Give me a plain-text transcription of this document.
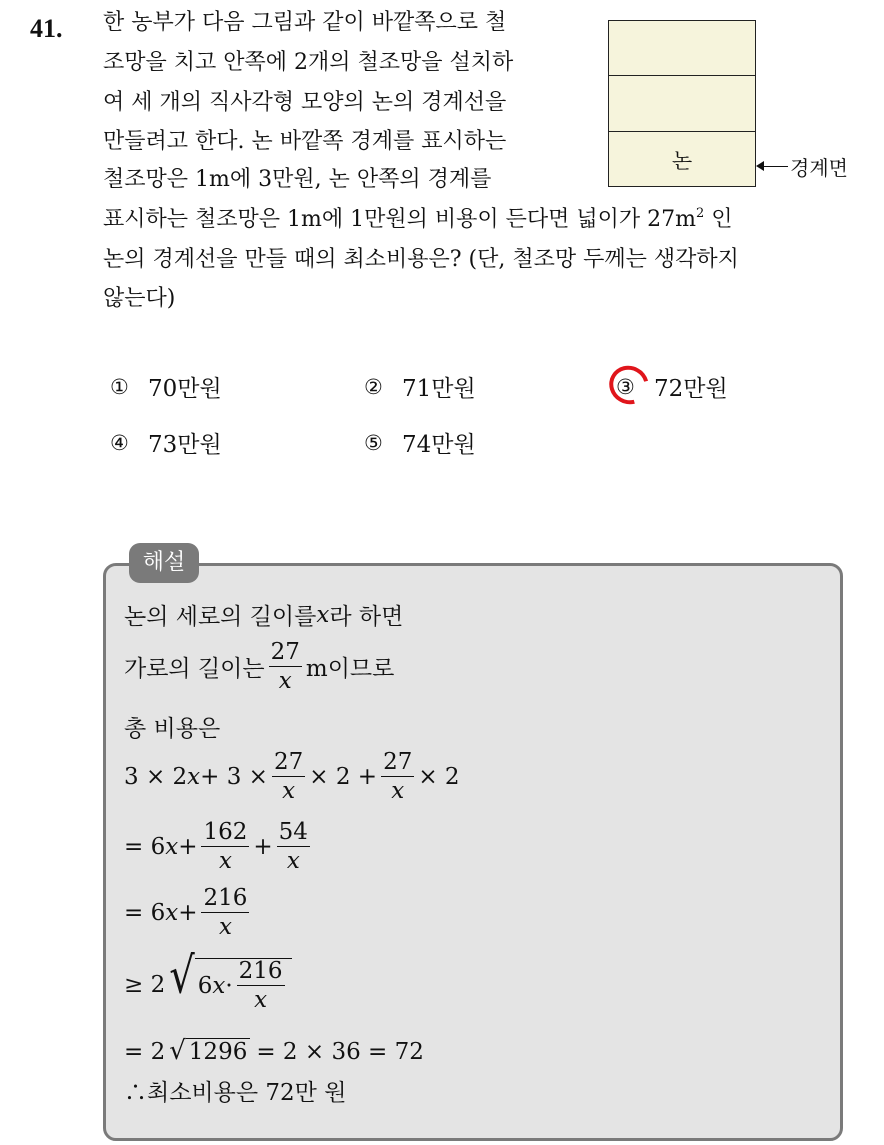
41. 한 농부가 다음 그림과 같이 바깥쪽으로 철
조망을 치고 안쪽에 2개의 철조망을 설치하
여 세 개의 직사각형 모양의 논의 경계선을
만들려고 한다. 논 바깥쪽 경계를 표시하는
철조망은 1m에 3만원, 논 안쪽의 경계를
표시하는 철조망은 1m에 1만원의 비용이 든다면 넓이가 $27m^2$ 인
논의 경계선을 만들 때의 최소비용은? (단, 철조망 두께는 생각하지
않는다)
논	경계면
① 70만원	② 71만원	③ 72만원
④ 73만원	⑤ 74만원
해설
논의 세로의 길이를 x 라 하면
가로의 길이는 $\frac{27}{x}$ m이므로
총 비용은
3 × 2 $x + 3 \times \frac{27}{x} \times 2 + \frac{27}{x} \times 2$
= 6 $x + \frac{162}{x} + \frac{54}{x}$
= 6 $x + \frac{216}{x}$
≥ 2 √ 6 $x \cdot \frac{216}{x}$
= 2 √ 1296 = 2 × 36 = 72
∴최소비용은 72만 원
